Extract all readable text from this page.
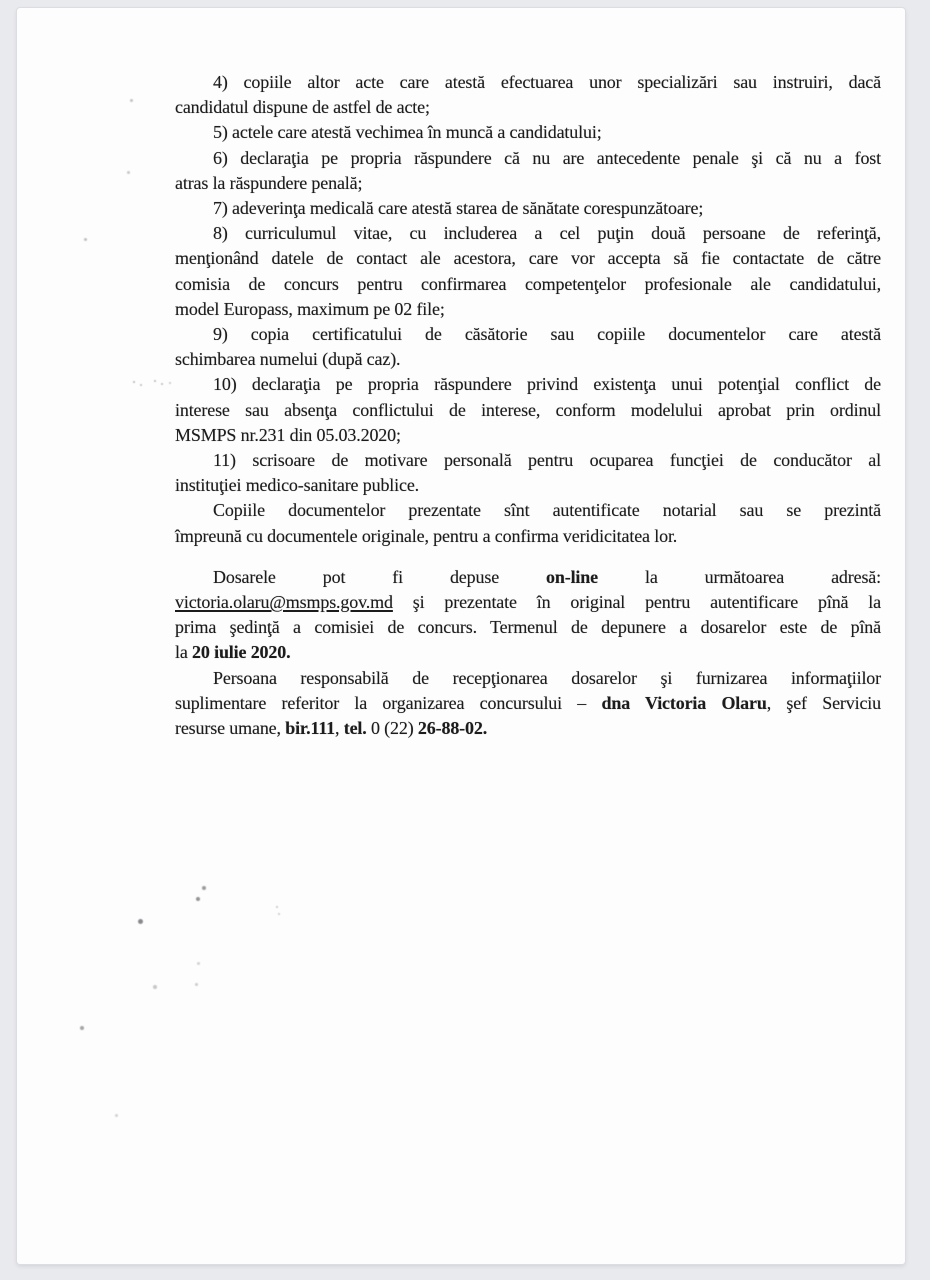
4) copiile altor acte care atestă efectuarea unor specializări sau instruiri, dacă
candidatul dispune de astfel de acte;
5) actele care atestă vechimea în muncă a candidatului;
6) declaraţia pe propria răspundere că nu are antecedente penale şi că nu a fost
atras la răspundere penală;
7) adeverinţa medicală care atestă starea de sănătate corespunzătoare;
8) curriculumul vitae, cu includerea a cel puţin două persoane de referinţă,
menţionând datele de contact ale acestora, care vor accepta să fie contactate de către
comisia de concurs pentru confirmarea competenţelor profesionale ale candidatului,
model Europass, maximum pe 02 file;
9) copia certificatului de căsătorie sau copiile documentelor care atestă
schimbarea numelui (după caz).
10) declaraţia pe propria răspundere privind existenţa unui potenţial conflict de
interese sau absenţa conflictului de interese, conform modelului aprobat prin ordinul
MSMPS nr.231 din 05.03.2020;
11) scrisoare de motivare personală pentru ocuparea funcţiei de conducător al
instituţiei medico-sanitare publice.
Copiile documentelor prezentate sînt autentificate notarial sau se prezintă
împreună cu documentele originale, pentru a confirma veridicitatea lor.
Dosarele pot fi depuse on-line la următoarea adresă:
victoria.olaru@msmps.gov.md şi prezentate în original pentru autentificare pînă la
prima şedinţă a comisiei de concurs. Termenul de depunere a dosarelor este de pînă
la 20 iulie 2020.
Persoana responsabilă de recepţionarea dosarelor şi furnizarea informaţiilor
suplimentare referitor la organizarea concursului – dna Victoria Olaru, şef Serviciu
resurse umane, bir.111, tel. 0 (22) 26-88-02.
